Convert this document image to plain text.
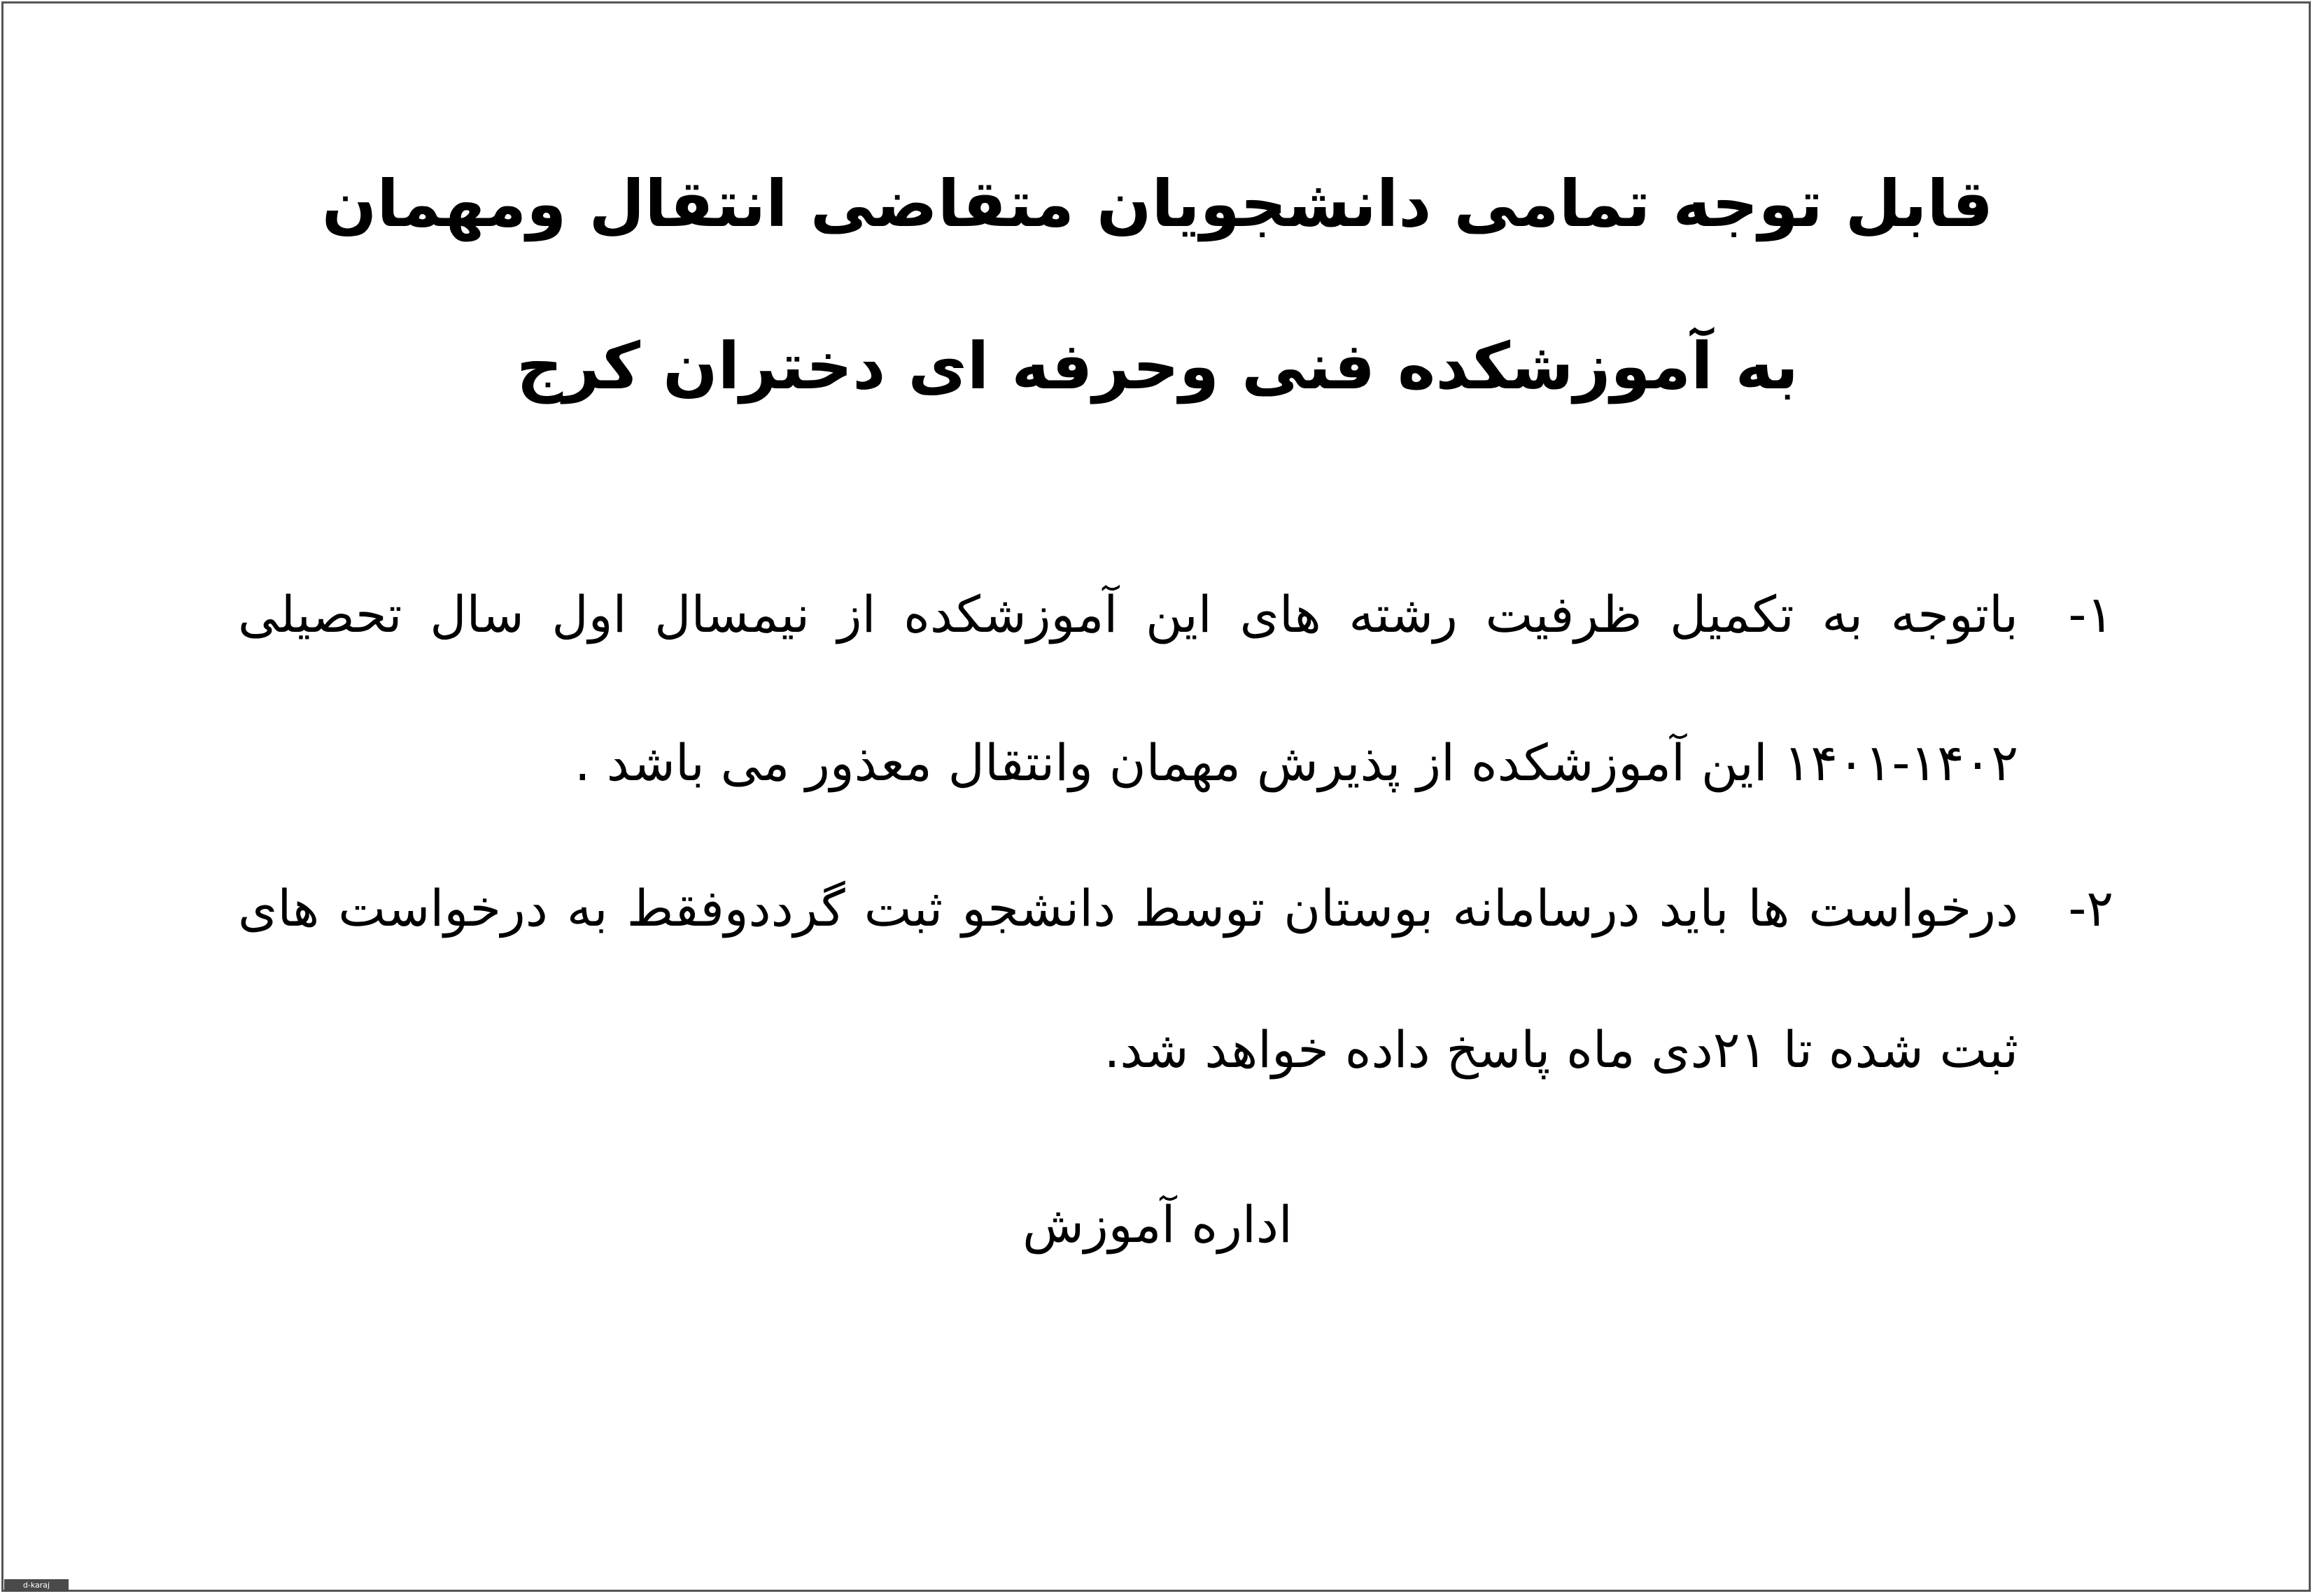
قابل توجه تمامی دانشجویان متقاضی انتقال ومهمان
به آموزشکده فنی وحرفه ای دختران کرج
۱-
باتوجه به تکمیل ظرفیت رشته های این آموزشکده از نیمسال اول سال تحصیلی
۱۴۰۱-۱۴۰۲ این آموزشکده از پذیرش مهمان وانتقال معذور می باشد .
۲-
درخواست ها باید درسامانه بوستان توسط دانشجو ثبت گرددوفقط به درخواست های
ثبت شده تا ۲۱دی ماه پاسخ داده خواهد شد.
اداره آموزش
d-karaj
